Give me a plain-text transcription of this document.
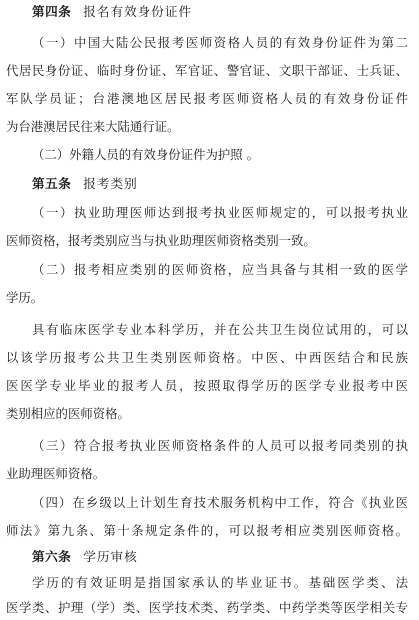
第四条 报名有效身份证件
（一）中国大陆公民报考医师资格人员的有效身份证件为第二
代居民身份证、临时身份证、军官证、警官证、文职干部证、士兵证、
军队学员证；台港澳地区居民报考医师资格人员的有效身份证件
为台港澳居民往来大陆通行证。
（二）外籍人员的有效身份证件为护照 。
第五条 报考类别
（一）执业助理医师达到报考执业医师规定的，可以报考执业
医师资格，报考类别应当与执业助理医师资格类别一致。
（二）报考相应类别的医师资格，应当具备与其相一致的医学
学历。
具有临床医学专业本科学历，并在公共卫生岗位试用的，可以
以该学历报考公共卫生类别医师资格。中医、中西医结合和民族
医医学专业毕业的报考人员，按照取得学历的医学专业报考中医
类别相应的医师资格。
（三）符合报考执业医师资格条件的人员可以报考同类别的执
业助理医师资格。
（四）在乡级以上计划生育技术服务机构中工作，符合《执业医
师法》第九条、第十条规定条件的，可以报考相应类别医师资格。
第六条 学历审核
学历的有效证明是指国家承认的毕业证书。基础医学类、法
医学类、护理（学）类、医学技术类、药学类、中药学类等医学相关专
